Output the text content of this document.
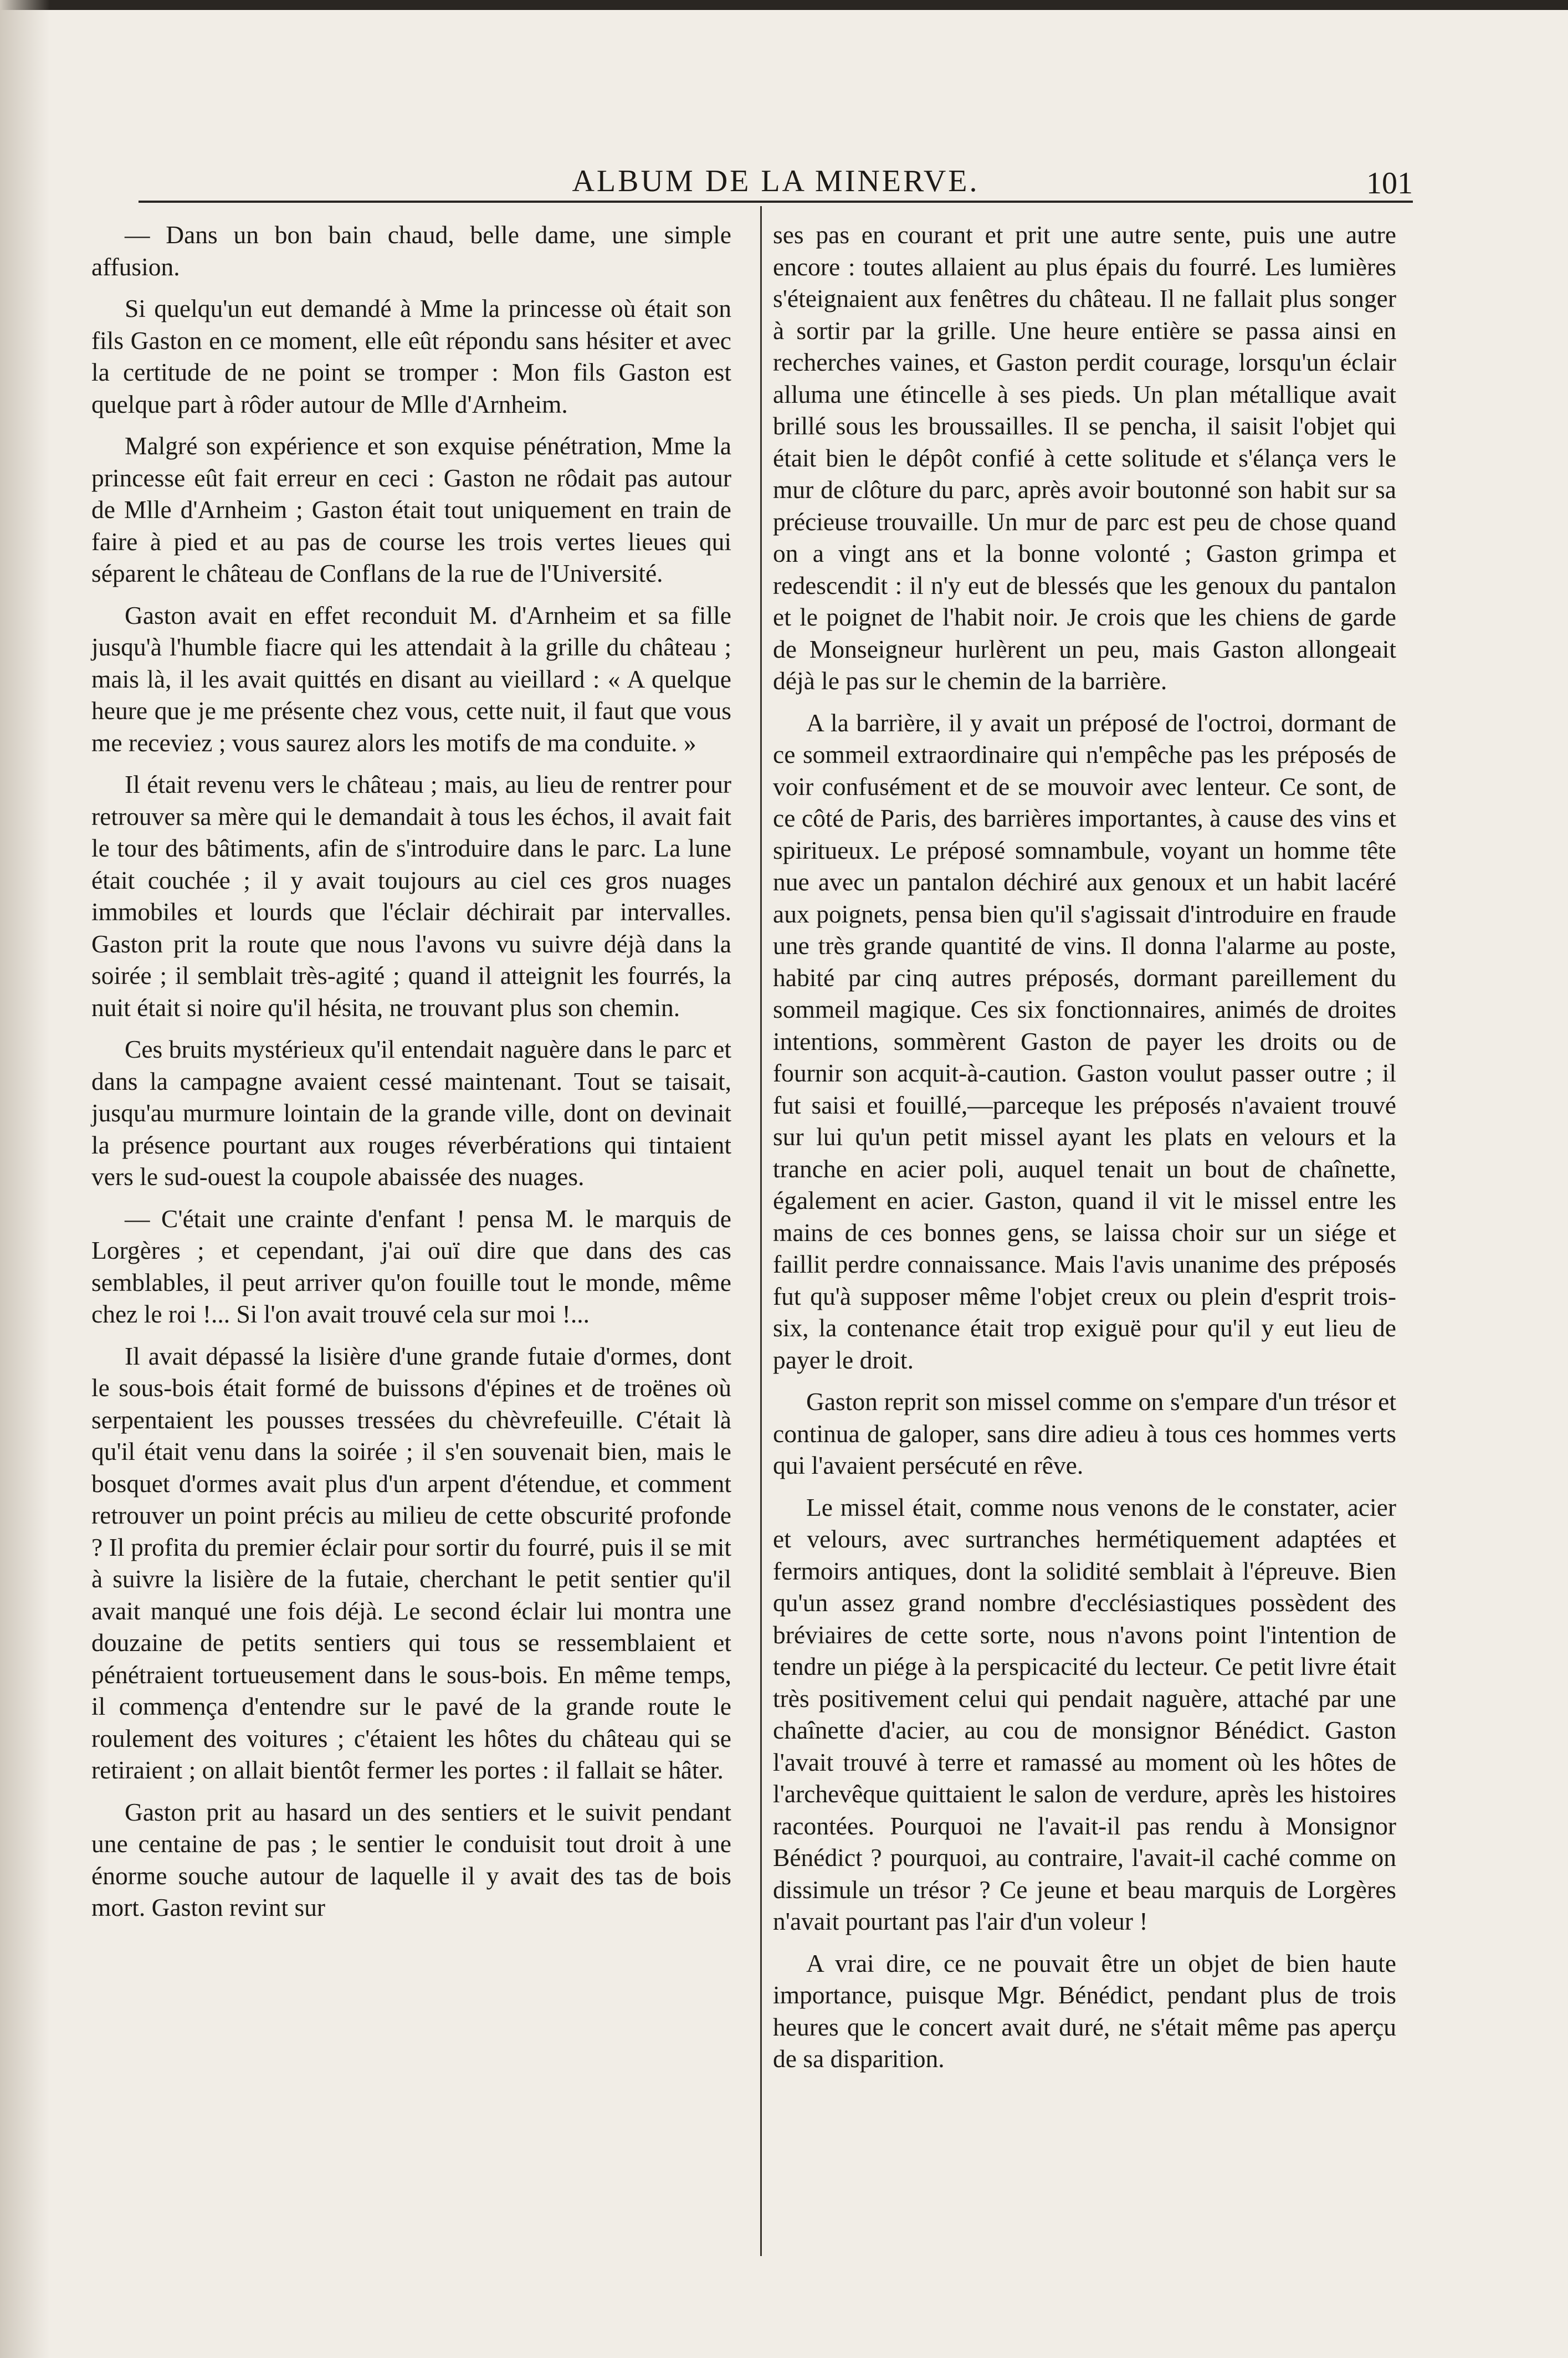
ALBUM DE LA MINERVE.	101

— Dans un bon bain chaud, belle dame, une simple affusion.

Si quelqu'un eut demandé à Mme la princesse où était son fils Gaston en ce moment, elle eût répondu sans hésiter et avec la certitude de ne point se tromper : Mon fils Gaston est quelque part à rôder autour de Mlle d'Arnheim.

Malgré son expérience et son exquise pénétration, Mme la princesse eût fait erreur en ceci : Gaston ne rôdait pas autour de Mlle d'Arnheim ; Gaston était tout uniquement en train de faire à pied et au pas de course les trois vertes lieues qui séparent le château de Conflans de la rue de l'Université.

Gaston avait en effet reconduit M. d'Arnheim et sa fille jusqu'à l'humble fiacre qui les attendait à la grille du château ; mais là, il les avait quittés en disant au vieillard : « A quelque heure que je me présente chez vous, cette nuit, il faut que vous me receviez ; vous saurez alors les motifs de ma conduite. »

Il était revenu vers le château ; mais, au lieu de rentrer pour retrouver sa mère qui le demandait à tous les échos, il avait fait le tour des bâtiments, afin de s'introduire dans le parc. La lune était couchée ; il y avait toujours au ciel ces gros nuages immobiles et lourds que l'éclair déchirait par intervalles. Gaston prit la route que nous l'avons vu suivre déjà dans la soirée ; il semblait très-agité ; quand il atteignit les fourrés, la nuit était si noire qu'il hésita, ne trouvant plus son chemin.

Ces bruits mystérieux qu'il entendait naguère dans le parc et dans la campagne avaient cessé maintenant. Tout se taisait, jusqu'au murmure lointain de la grande ville, dont on devinait la présence pourtant aux rouges réverbérations qui tintaient vers le sud-ouest la coupole abaissée des nuages.

— C'était une crainte d'enfant ! pensa M. le marquis de Lorgères ; et cependant, j'ai ouï dire que dans des cas semblables, il peut arriver qu'on fouille tout le monde, même chez le roi !... Si l'on avait trouvé cela sur moi !...

Il avait dépassé la lisière d'une grande futaie d'ormes, dont le sous-bois était formé de buissons d'épines et de troënes où serpentaient les pousses tressées du chèvrefeuille. C'était là qu'il était venu dans la soirée ; il s'en souvenait bien, mais le bosquet d'ormes avait plus d'un arpent d'étendue, et comment retrouver un point précis au milieu de cette obscurité profonde ? Il profita du premier éclair pour sortir du fourré, puis il se mit à suivre la lisière de la futaie, cherchant le petit sentier qu'il avait manqué une fois déjà. Le second éclair lui montra une douzaine de petits sentiers qui tous se ressemblaient et pénétraient tortueusement dans le sous-bois. En même temps, il commença d'entendre sur le pavé de la grande route le roulement des voitures ; c'étaient les hôtes du château qui se retiraient ; on allait bientôt fermer les portes : il fallait se hâter.

Gaston prit au hasard un des sentiers et le suivit pendant une centaine de pas ; le sentier le conduisit tout droit à une énorme souche autour de laquelle il y avait des tas de bois mort. Gaston revint sur

ses pas en courant et prit une autre sente, puis une autre encore : toutes allaient au plus épais du fourré. Les lumières s'éteignaient aux fenêtres du château. Il ne fallait plus songer à sortir par la grille. Une heure entière se passa ainsi en recherches vaines, et Gaston perdit courage, lorsqu'un éclair alluma une étincelle à ses pieds. Un plan métallique avait brillé sous les broussailles. Il se pencha, il saisit l'objet qui était bien le dépôt confié à cette solitude et s'élança vers le mur de clôture du parc, après avoir boutonné son habit sur sa précieuse trouvaille. Un mur de parc est peu de chose quand on a vingt ans et la bonne volonté ; Gaston grimpa et redescendit : il n'y eut de blessés que les genoux du pantalon et le poignet de l'habit noir. Je crois que les chiens de garde de Monseigneur hurlèrent un peu, mais Gaston allongeait déjà le pas sur le chemin de la barrière.

A la barrière, il y avait un préposé de l'octroi, dormant de ce sommeil extraordinaire qui n'empêche pas les préposés de voir confusément et de se mouvoir avec lenteur. Ce sont, de ce côté de Paris, des barrières importantes, à cause des vins et spiritueux. Le préposé somnambule, voyant un homme tête nue avec un pantalon déchiré aux genoux et un habit lacéré aux poignets, pensa bien qu'il s'agissait d'introduire en fraude une très grande quantité de vins. Il donna l'alarme au poste, habité par cinq autres préposés, dormant pareillement du sommeil magique. Ces six fonctionnaires, animés de droites intentions, sommèrent Gaston de payer les droits ou de fournir son acquit-à-caution. Gaston voulut passer outre ; il fut saisi et fouillé,—parceque les préposés n'avaient trouvé sur lui qu'un petit missel ayant les plats en velours et la tranche en acier poli, auquel tenait un bout de chaînette, également en acier. Gaston, quand il vit le missel entre les mains de ces bonnes gens, se laissa choir sur un siége et faillit perdre connaissance. Mais l'avis unanime des préposés fut qu'à supposer même l'objet creux ou plein d'esprit trois-six, la contenance était trop exiguë pour qu'il y eut lieu de payer le droit.

Gaston reprit son missel comme on s'empare d'un trésor et continua de galoper, sans dire adieu à tous ces hommes verts qui l'avaient persécuté en rêve.

Le missel était, comme nous venons de le constater, acier et velours, avec surtranches hermétiquement adaptées et fermoirs antiques, dont la solidité semblait à l'épreuve. Bien qu'un assez grand nombre d'ecclésiastiques possèdent des bréviaires de cette sorte, nous n'avons point l'intention de tendre un piége à la perspicacité du lecteur. Ce petit livre était très positivement celui qui pendait naguère, attaché par une chaînette d'acier, au cou de monsignor Bénédict. Gaston l'avait trouvé à terre et ramassé au moment où les hôtes de l'archevêque quittaient le salon de verdure, après les histoires racontées. Pourquoi ne l'avait-il pas rendu à Monsignor Bénédict ? pourquoi, au contraire, l'avait-il caché comme on dissimule un trésor ? Ce jeune et beau marquis de Lorgères n'avait pourtant pas l'air d'un voleur !

A vrai dire, ce ne pouvait être un objet de bien haute importance, puisque Mgr. Bénédict, pendant plus de trois heures que le concert avait duré, ne s'était même pas aperçu de sa disparition.
